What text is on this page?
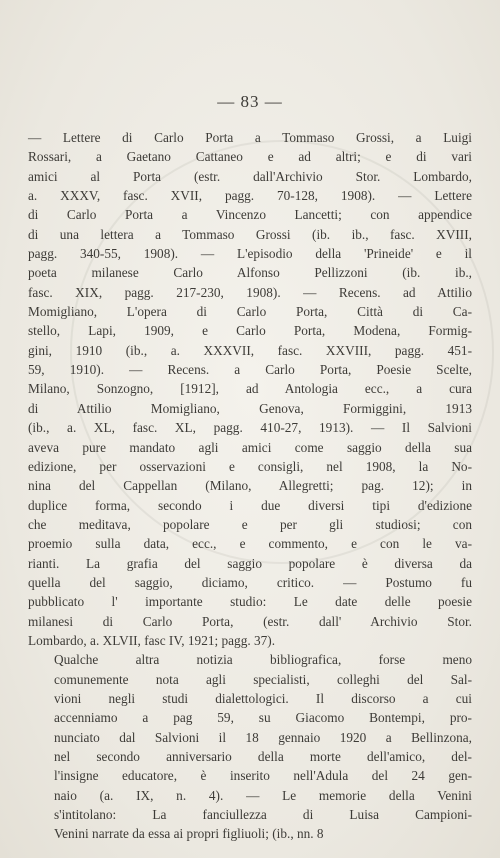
— 83 —

— Lettere di Carlo Porta a Tommaso Grossi, a Luigi
Rossari, a Gaetano Cattaneo e ad altri; e di vari
amici al Porta (estr. dall'Archivio Stor. Lombardo,
a. XXXV, fasc. XVII, pagg. 70-128, 1908). — Lettere
di Carlo Porta a Vincenzo Lancetti; con appendice
di una lettera a Tommaso Grossi (ib. ib., fasc. XVIII,
pagg. 340-55, 1908). — L'episodio della 'Prineide' e il
poeta milanese Carlo Alfonso Pellizzoni (ib. ib.,
fasc. XIX, pagg. 217-230, 1908). — Recens. ad Attilio
Momigliano, L'opera di Carlo Porta, Città di Ca-
stello, Lapi, 1909, e Carlo Porta, Modena, Formig-
gini, 1910 (ib., a. XXXVII, fasc. XXVIII, pagg. 451-
59, 1910). — Recens. a Carlo Porta, Poesie Scelte,
Milano, Sonzogno, [1912], ad Antologia ecc., a cura
di Attilio Momigliano, Genova, Formiggini, 1913
(ib., a. XL, fasc. XL, pagg. 410-27, 1913). — Il Salvioni
aveva pure mandato agli amici come saggio della sua
edizione, per osservazioni e consigli, nel 1908, la No-
nina del Cappellan (Milano, Allegretti; pag. 12); in
duplice forma, secondo i due diversi tipi d'edizione
che meditava, popolare e per gli studiosi; con
proemio sulla data, ecc., e commento, e con le va-
rianti. La grafia del saggio popolare è diversa da
quella del saggio, diciamo, critico. — Postumo fu
pubblicato l' importante studio: Le date delle poesie
milanesi di Carlo Porta, (estr. dall' Archivio Stor.
Lombardo, a. XLVII, fasc IV, 1921; pagg. 37).

Qualche altra notizia bibliografica, forse meno
comunemente nota agli specialisti, colleghi del Sal-
vioni negli studi dialettologici. Il discorso a cui
accenniamo a pag 59, su Giacomo Bontempi, pro-
nunciato dal Salvioni il 18 gennaio 1920 a Bellinzona,
nel secondo anniversario della morte dell'amico, del-
l'insigne educatore, è inserito nell'Adula del 24 gen-
naio (a. IX, n. 4). — Le memorie della Venini
s'intitolano: La fanciullezza di Luisa Campioni-
Venini narrate da essa ai propri figliuoli; (ib., nn. 8
